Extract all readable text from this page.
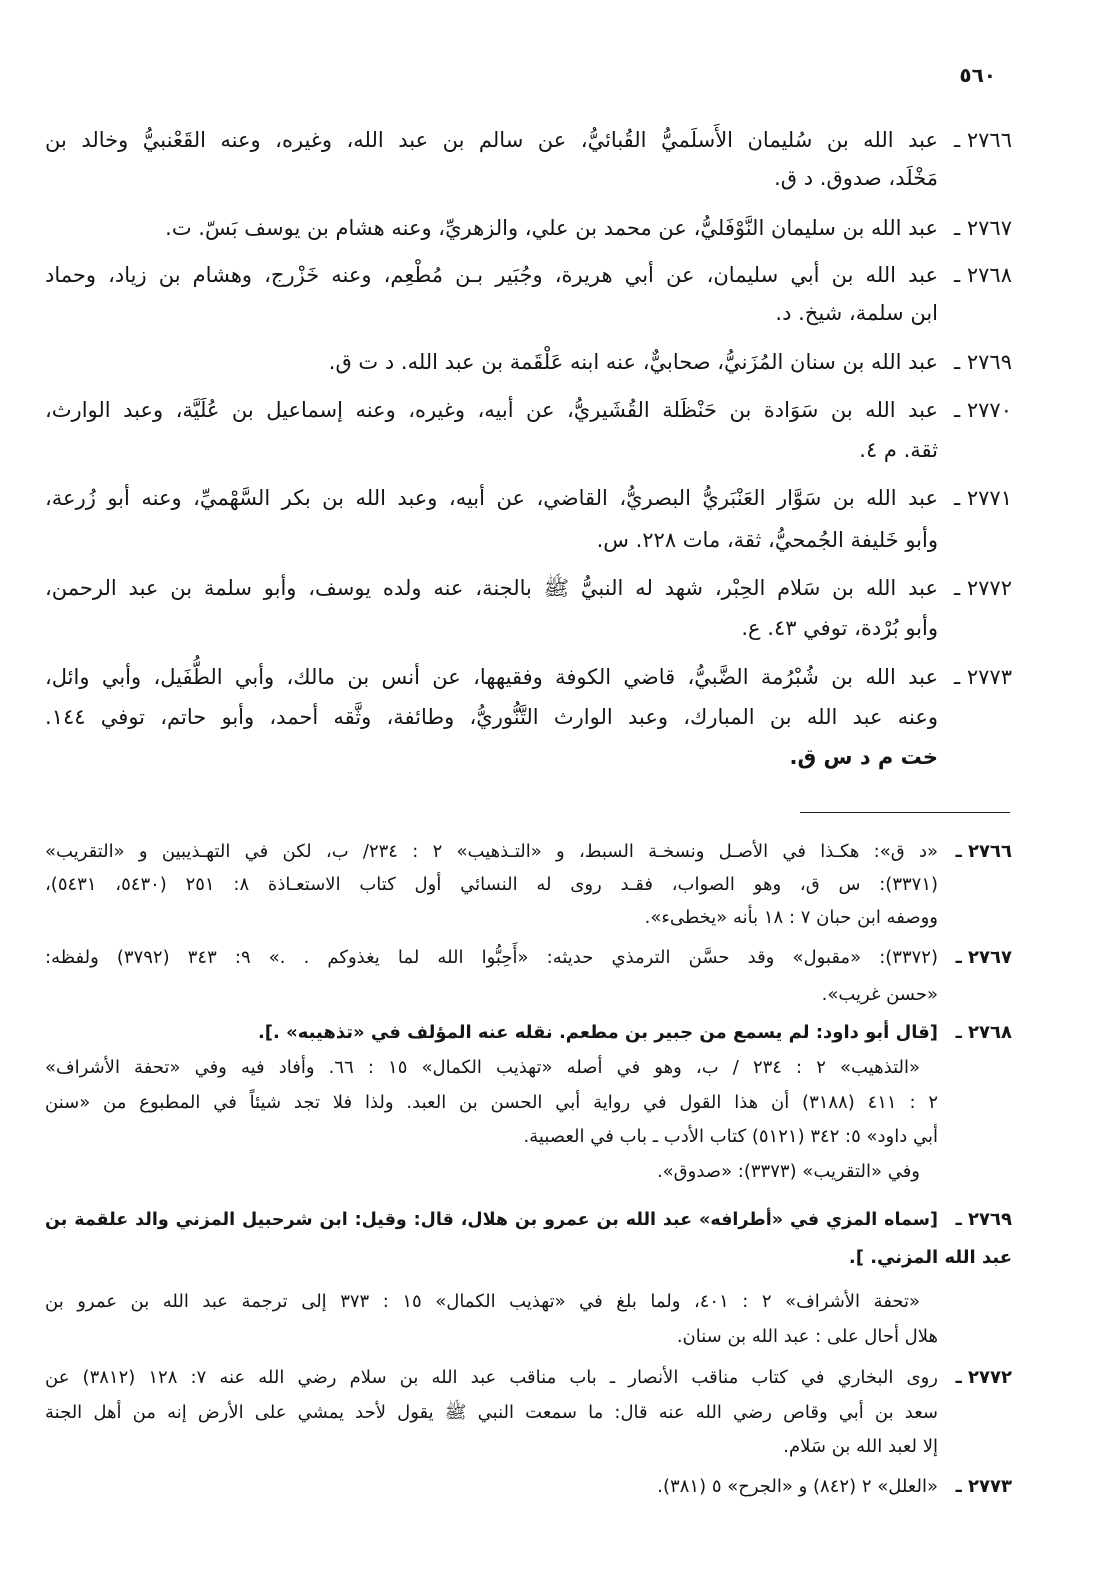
٥٦٠
٢٧٦٦ ـ
عبد الله بن سُليمان الأَسلَميُّ القُبائيُّ، عن سالم بن عبد الله، وغيره، وعنه القَعْنبيُّ وخالد بن
مَخْلَد، صدوق. د ق.
٢٧٦٧ ـ
عبد الله بن سليمان النَّوْفَليُّ، عن محمد بن علي، والزهريِّ، وعنه هشام بن يوسف بَسّ. ت.
٢٧٦٨ ـ
عبد الله بن أبي سليمان، عن أبي هريرة، وجُبَير بـن مُطْعِم، وعنه خَزْرج، وهشام بن زياد، وحماد
ابن سلمة، شيخ. د.
٢٧٦٩ ـ
عبد الله بن سنان المُزَنيُّ، صحابيٌّ، عنه ابنه عَلْقَمة بن عبد الله. د ت ق.
٢٧٧٠ ـ
عبد الله بن سَوَادة بن حَنْظَلة القُشَيريُّ، عن أبيه، وغيره، وعنه إسماعيل بن عُلَيَّة، وعبد الوارث،
ثقة. م ٤.
٢٧٧١ ـ
عبد الله بن سَوَّار العَنْبَريُّ البصريُّ، القاضي، عن أبيه، وعبد الله بن بكر السَّهْميِّ، وعنه أبو زُرعة،
وأبو خَليفة الجُمحيُّ، ثقة، مات ٢٢٨. س.
٢٧٧٢ ـ
عبد الله بن سَلام الحِبْر، شهد له النبيُّ ﷺ بالجنة، عنه ولده يوسف، وأبو سلمة بن عبد الرحمن،
وأبو بُرْدة، توفي ٤٣. ع.
٢٧٧٣ ـ
عبد الله بن شُبْرُمة الضَّبيُّ، قاضي الكوفة وفقيهها، عن أنس بن مالك، وأبي الطُّفَيل، وأبي وائل،
وعنه عبد الله بن المبارك، وعبد الوارث التَّنُّوريُّ، وطائفة، وثَّقه أحمد، وأبو حاتم، توفي ١٤٤.
خت م د س ق.
٢٧٦٦ ـ
«د ق»: هكـذا في الأصـل ونسخـة السبط، و «التـذهيب» ٢ : ٢٣٤/ ب، لكن في التهـذيبين و «التقريب»
(٣٣٧١): س ق، وهو الصواب، فقـد روى له النسائي أول كتاب الاستعـاذة ٨: ٢٥١ (٥٤٣٠، ٥٤٣١)،
ووصفه ابن حبان ٧ : ١٨ بأنه «يخطىء».
٢٧٦٧ ـ
(٣٣٧٢): «مقبول» وقد حسَّن الترمذي حديثه: «أَحِبُّوا الله لما يغذوكم . .» ٩: ٣٤٣ (٣٧٩٢) ولفظه:
«حسن غريب».
٢٧٦٨ ـ
[قال أبو داود: لم يسمع من جبير بن مطعم. نقله عنه المؤلف في «تذهيبه» .].
«التذهيب» ٢ : ٢٣٤ / ب، وهو في أصله «تهذيب الكمال» ١٥ : ٦٦. وأفاد فيه وفي «تحفة الأشراف»
٢ : ٤١١ (٣١٨٨) أن هذا القول في رواية أبي الحسن بن العبد. ولذا فلا تجد شيئاً في المطبوع من «سنن
أبي داود» ٥: ٣٤٢ (٥١٢١) كتاب الأدب ـ باب في العصبية.
وفي «التقريب» (٣٣٧٣): «صدوق».
٢٧٦٩ ـ
[سماه المزي في «أطرافه» عبد الله بن عمرو بن هلال، قال: وقيل: ابن شرحبيل المزني والد علقمة بن
عبد الله المزني. ].
«تحفة الأشراف» ٢ : ٤٠١، ولما بلغ في «تهذيب الكمال» ١٥ : ٣٧٣ إلى ترجمة عبد الله بن عمرو بن
هلال أحال على : عبد الله بن سنان.
٢٧٧٢ ـ
روى البخاري في كتاب مناقب الأنصار ـ باب مناقب عبد الله بن سلام رضي الله عنه ٧: ١٢٨ (٣٨١٢) عن
سعد بن أبي وقاص رضي الله عنه قال: ما سمعت النبي ﷺ يقول لأحد يمشي على الأرض إنه من أهل الجنة
إلا لعبد الله بن سَلام.
٢٧٧٣ ـ
«العلل» ٢ (٨٤٢) و «الجرح» ٥ (٣٨١).
